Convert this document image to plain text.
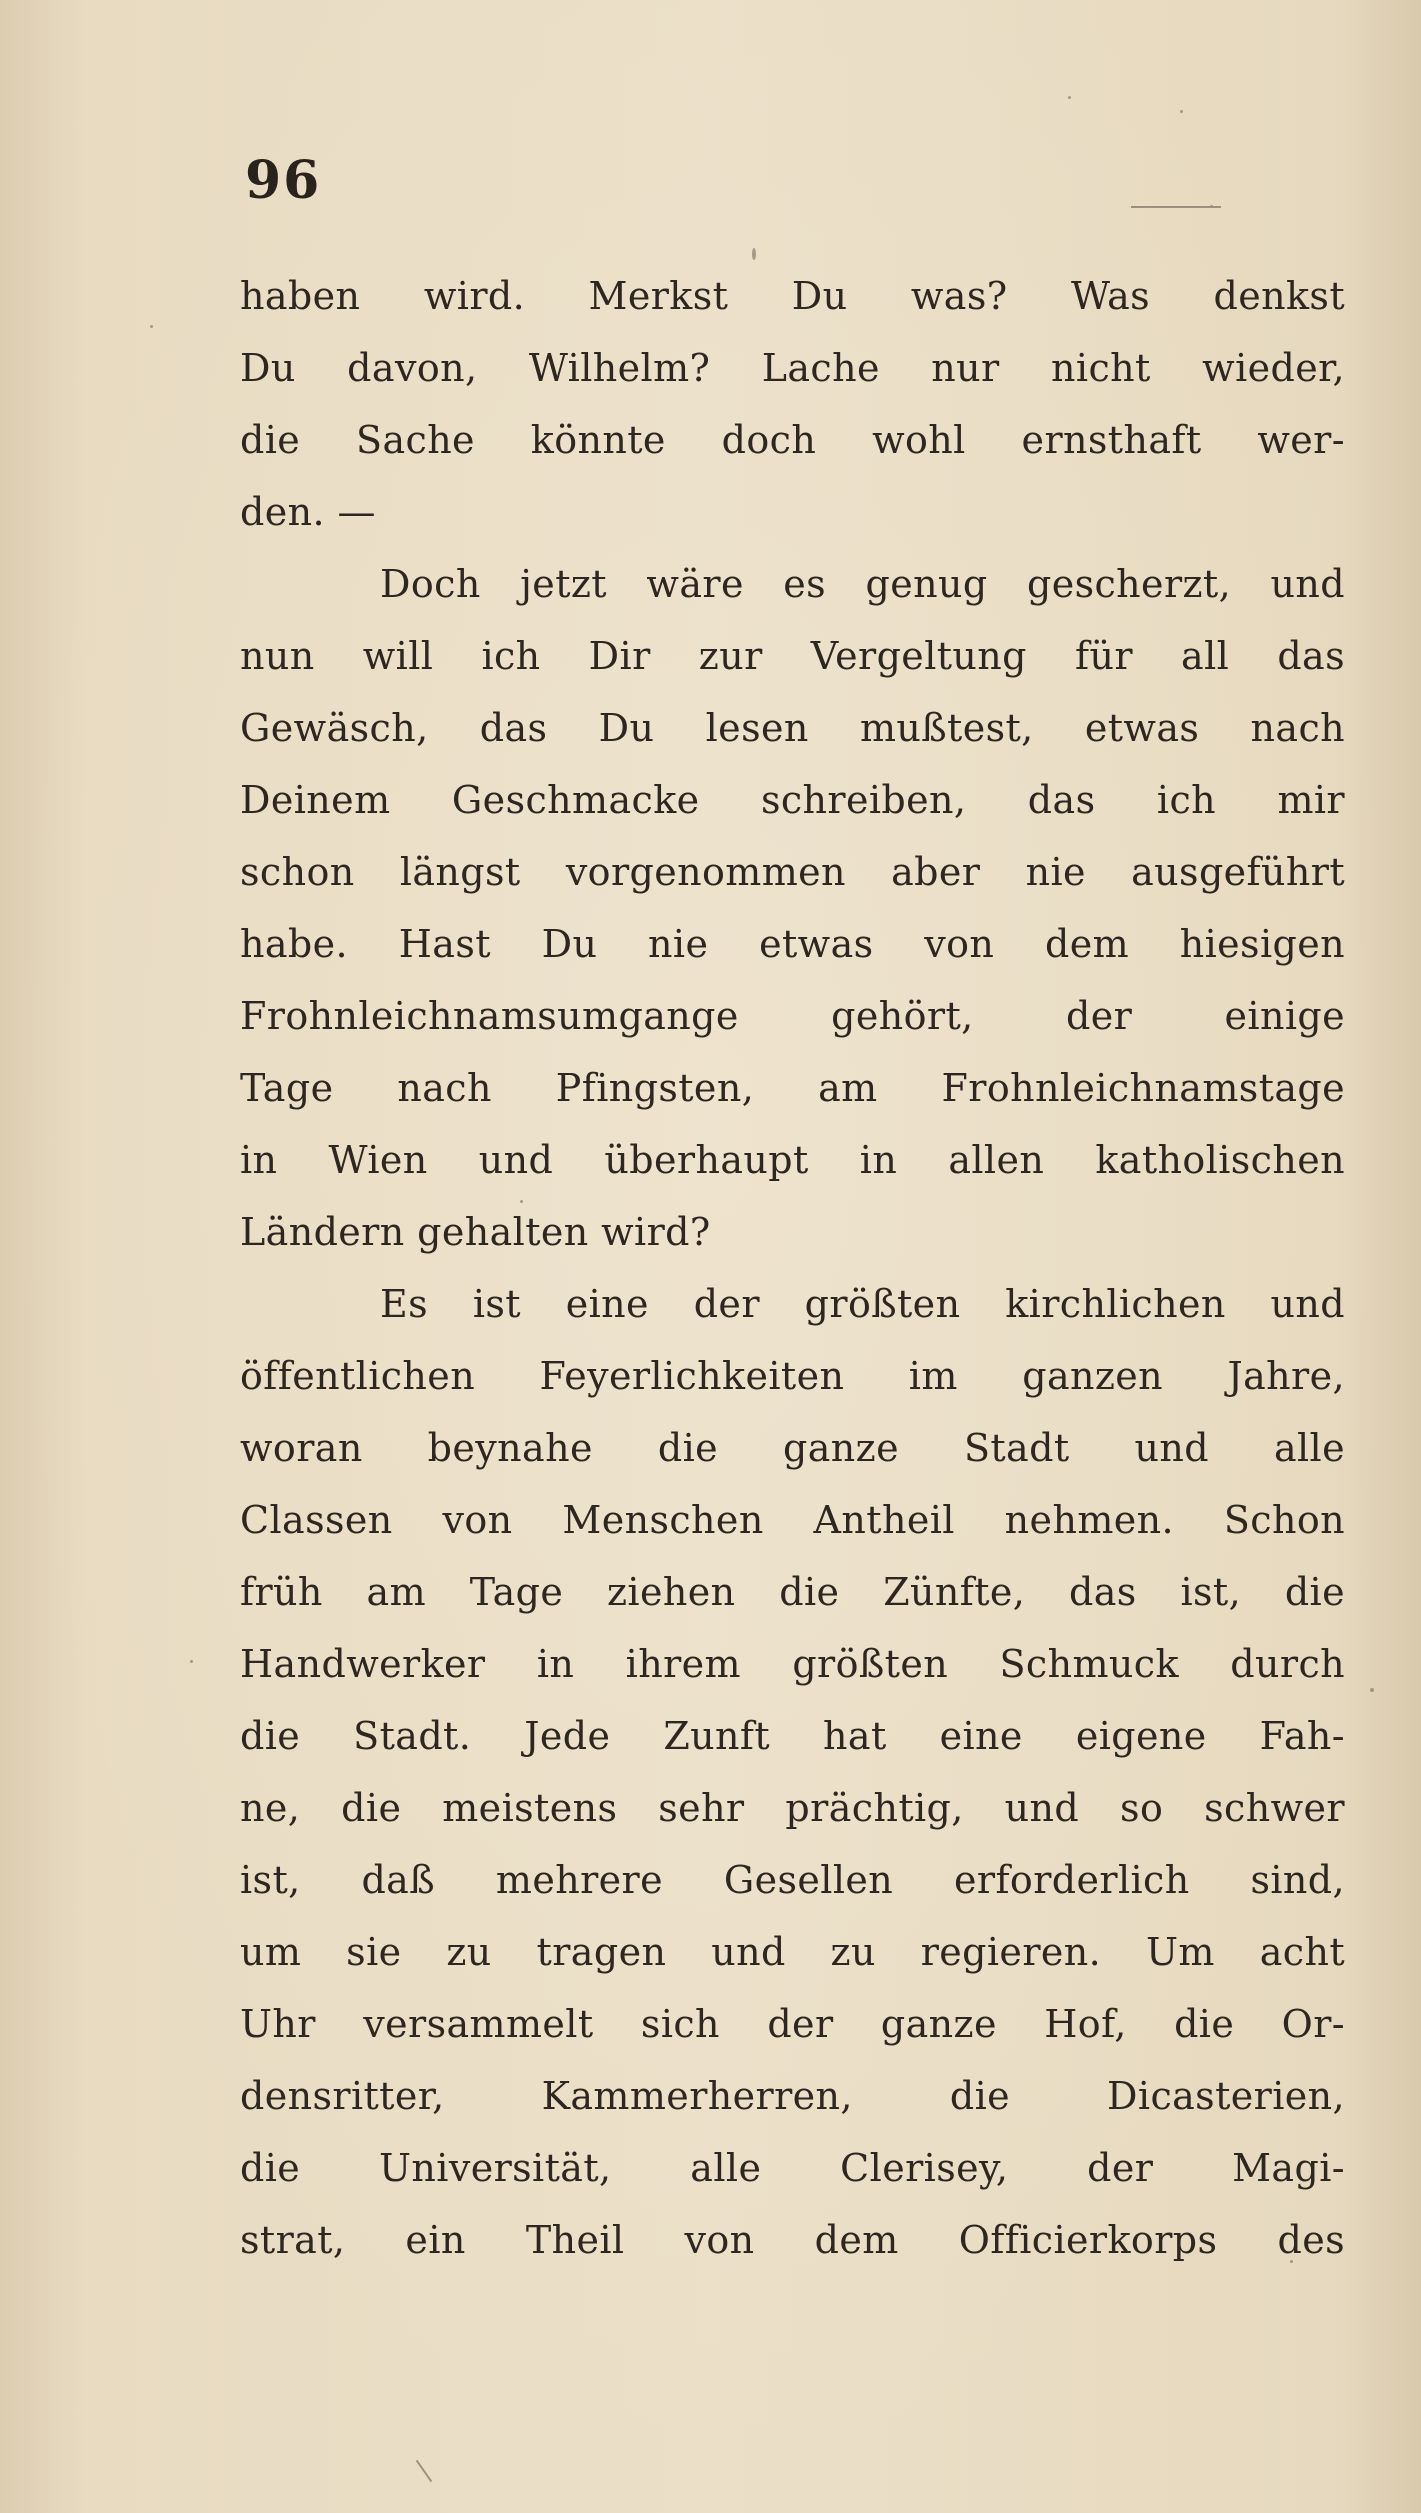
96
haben wird. Merkst Du was? Was denkst
Du davon, Wilhelm? Lache nur nicht wieder,
die Sache könnte doch wohl ernsthaft wer-
den. —
Doch jetzt wäre es genug gescherzt, und
nun will ich Dir zur Vergeltung für all das
Gewäsch, das Du lesen mußtest, etwas nach
Deinem Geschmacke schreiben, das ich mir
schon längst vorgenommen aber nie ausgeführt
habe. Hast Du nie etwas von dem hiesigen
Frohnleichnamsumgange gehört, der einige
Tage nach Pfingsten, am Frohnleichnamstage
in Wien und überhaupt in allen katholischen
Ländern gehalten wird?
Es ist eine der größten kirchlichen und
öffentlichen Feyerlichkeiten im ganzen Jahre,
woran beynahe die ganze Stadt und alle
Classen von Menschen Antheil nehmen. Schon
früh am Tage ziehen die Zünfte, das ist, die
Handwerker in ihrem größten Schmuck durch
die Stadt. Jede Zunft hat eine eigene Fah-
ne, die meistens sehr prächtig, und so schwer
ist, daß mehrere Gesellen erforderlich sind,
um sie zu tragen und zu regieren. Um acht
Uhr versammelt sich der ganze Hof, die Or-
densritter, Kammerherren, die Dicasterien,
die Universität, alle Clerisey, der Magi-
strat, ein Theil von dem Officierkorps des
